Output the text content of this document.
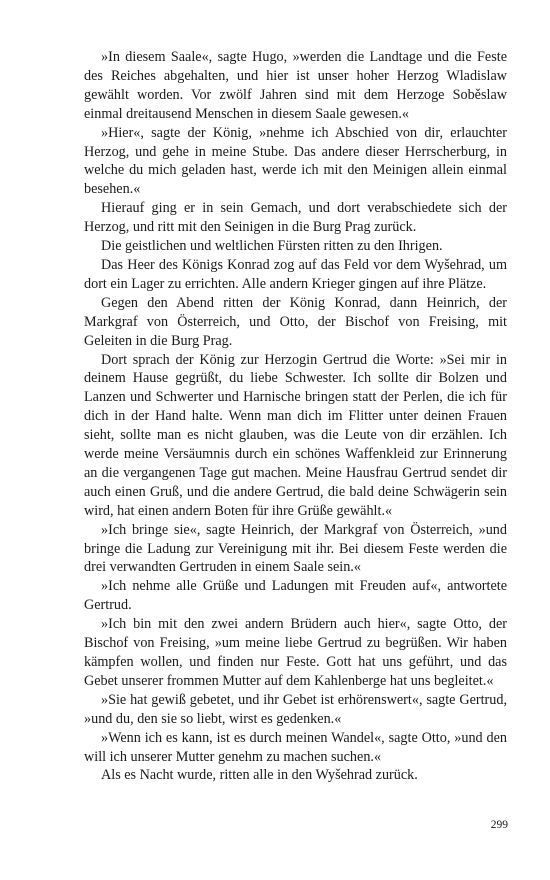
»In diesem Saale«, sagte Hugo, »werden die Landtage und die Feste des Reiches abgehalten, und hier ist unser hoher Herzog Wladislaw gewählt worden. Vor zwölf Jahren sind mit dem Herzoge Soběslaw einmal dreitausend Menschen in diesem Saale gewesen.«

»Hier«, sagte der König, »nehme ich Abschied von dir, erlauchter Herzog, und gehe in meine Stube. Das andere dieser Herrscherburg, in welche du mich geladen hast, werde ich mit den Meinigen allein einmal besehen.«

Hierauf ging er in sein Gemach, und dort verabschiedete sich der Herzog, und ritt mit den Seinigen in die Burg Prag zurück.

Die geistlichen und weltlichen Fürsten ritten zu den Ihrigen.

Das Heer des Königs Konrad zog auf das Feld vor dem Wyšehrad, um dort ein Lager zu errichten. Alle andern Krieger gingen auf ihre Plätze.

Gegen den Abend ritten der König Konrad, dann Heinrich, der Markgraf von Österreich, und Otto, der Bischof von Freising, mit Geleiten in die Burg Prag.

Dort sprach der König zur Herzogin Gertrud die Worte: »Sei mir in deinem Hause gegrüßt, du liebe Schwester. Ich sollte dir Bolzen und Lanzen und Schwerter und Harnische bringen statt der Perlen, die ich für dich in der Hand halte. Wenn man dich im Flitter unter deinen Frauen sieht, sollte man es nicht glauben, was die Leute von dir erzählen. Ich werde meine Versäumnis durch ein schönes Waffenkleid zur Erinnerung an die vergangenen Tage gut machen. Meine Hausfrau Gertrud sendet dir auch einen Gruß, und die andere Gertrud, die bald deine Schwägerin sein wird, hat einen andern Boten für ihre Grüße gewählt.«

»Ich bringe sie«, sagte Heinrich, der Markgraf von Österreich, »und bringe die Ladung zur Vereinigung mit ihr. Bei diesem Feste werden die drei verwandten Gertruden in einem Saale sein.«

»Ich nehme alle Grüße und Ladungen mit Freuden auf«, antwortete Gertrud.

»Ich bin mit den zwei andern Brüdern auch hier«, sagte Otto, der Bischof von Freising, »um meine liebe Gertrud zu begrüßen. Wir haben kämpfen wollen, und finden nur Feste. Gott hat uns geführt, und das Gebet unserer frommen Mutter auf dem Kahlenberge hat uns begleitet.«

»Sie hat gewiß gebetet, und ihr Gebet ist erhörenswert«, sagte Gertrud, »und du, den sie so liebt, wirst es gedenken.«

»Wenn ich es kann, ist es durch meinen Wandel«, sagte Otto, »und den will ich unserer Mutter genehm zu machen suchen.«

Als es Nacht wurde, ritten alle in den Wyšehrad zurück.

299
